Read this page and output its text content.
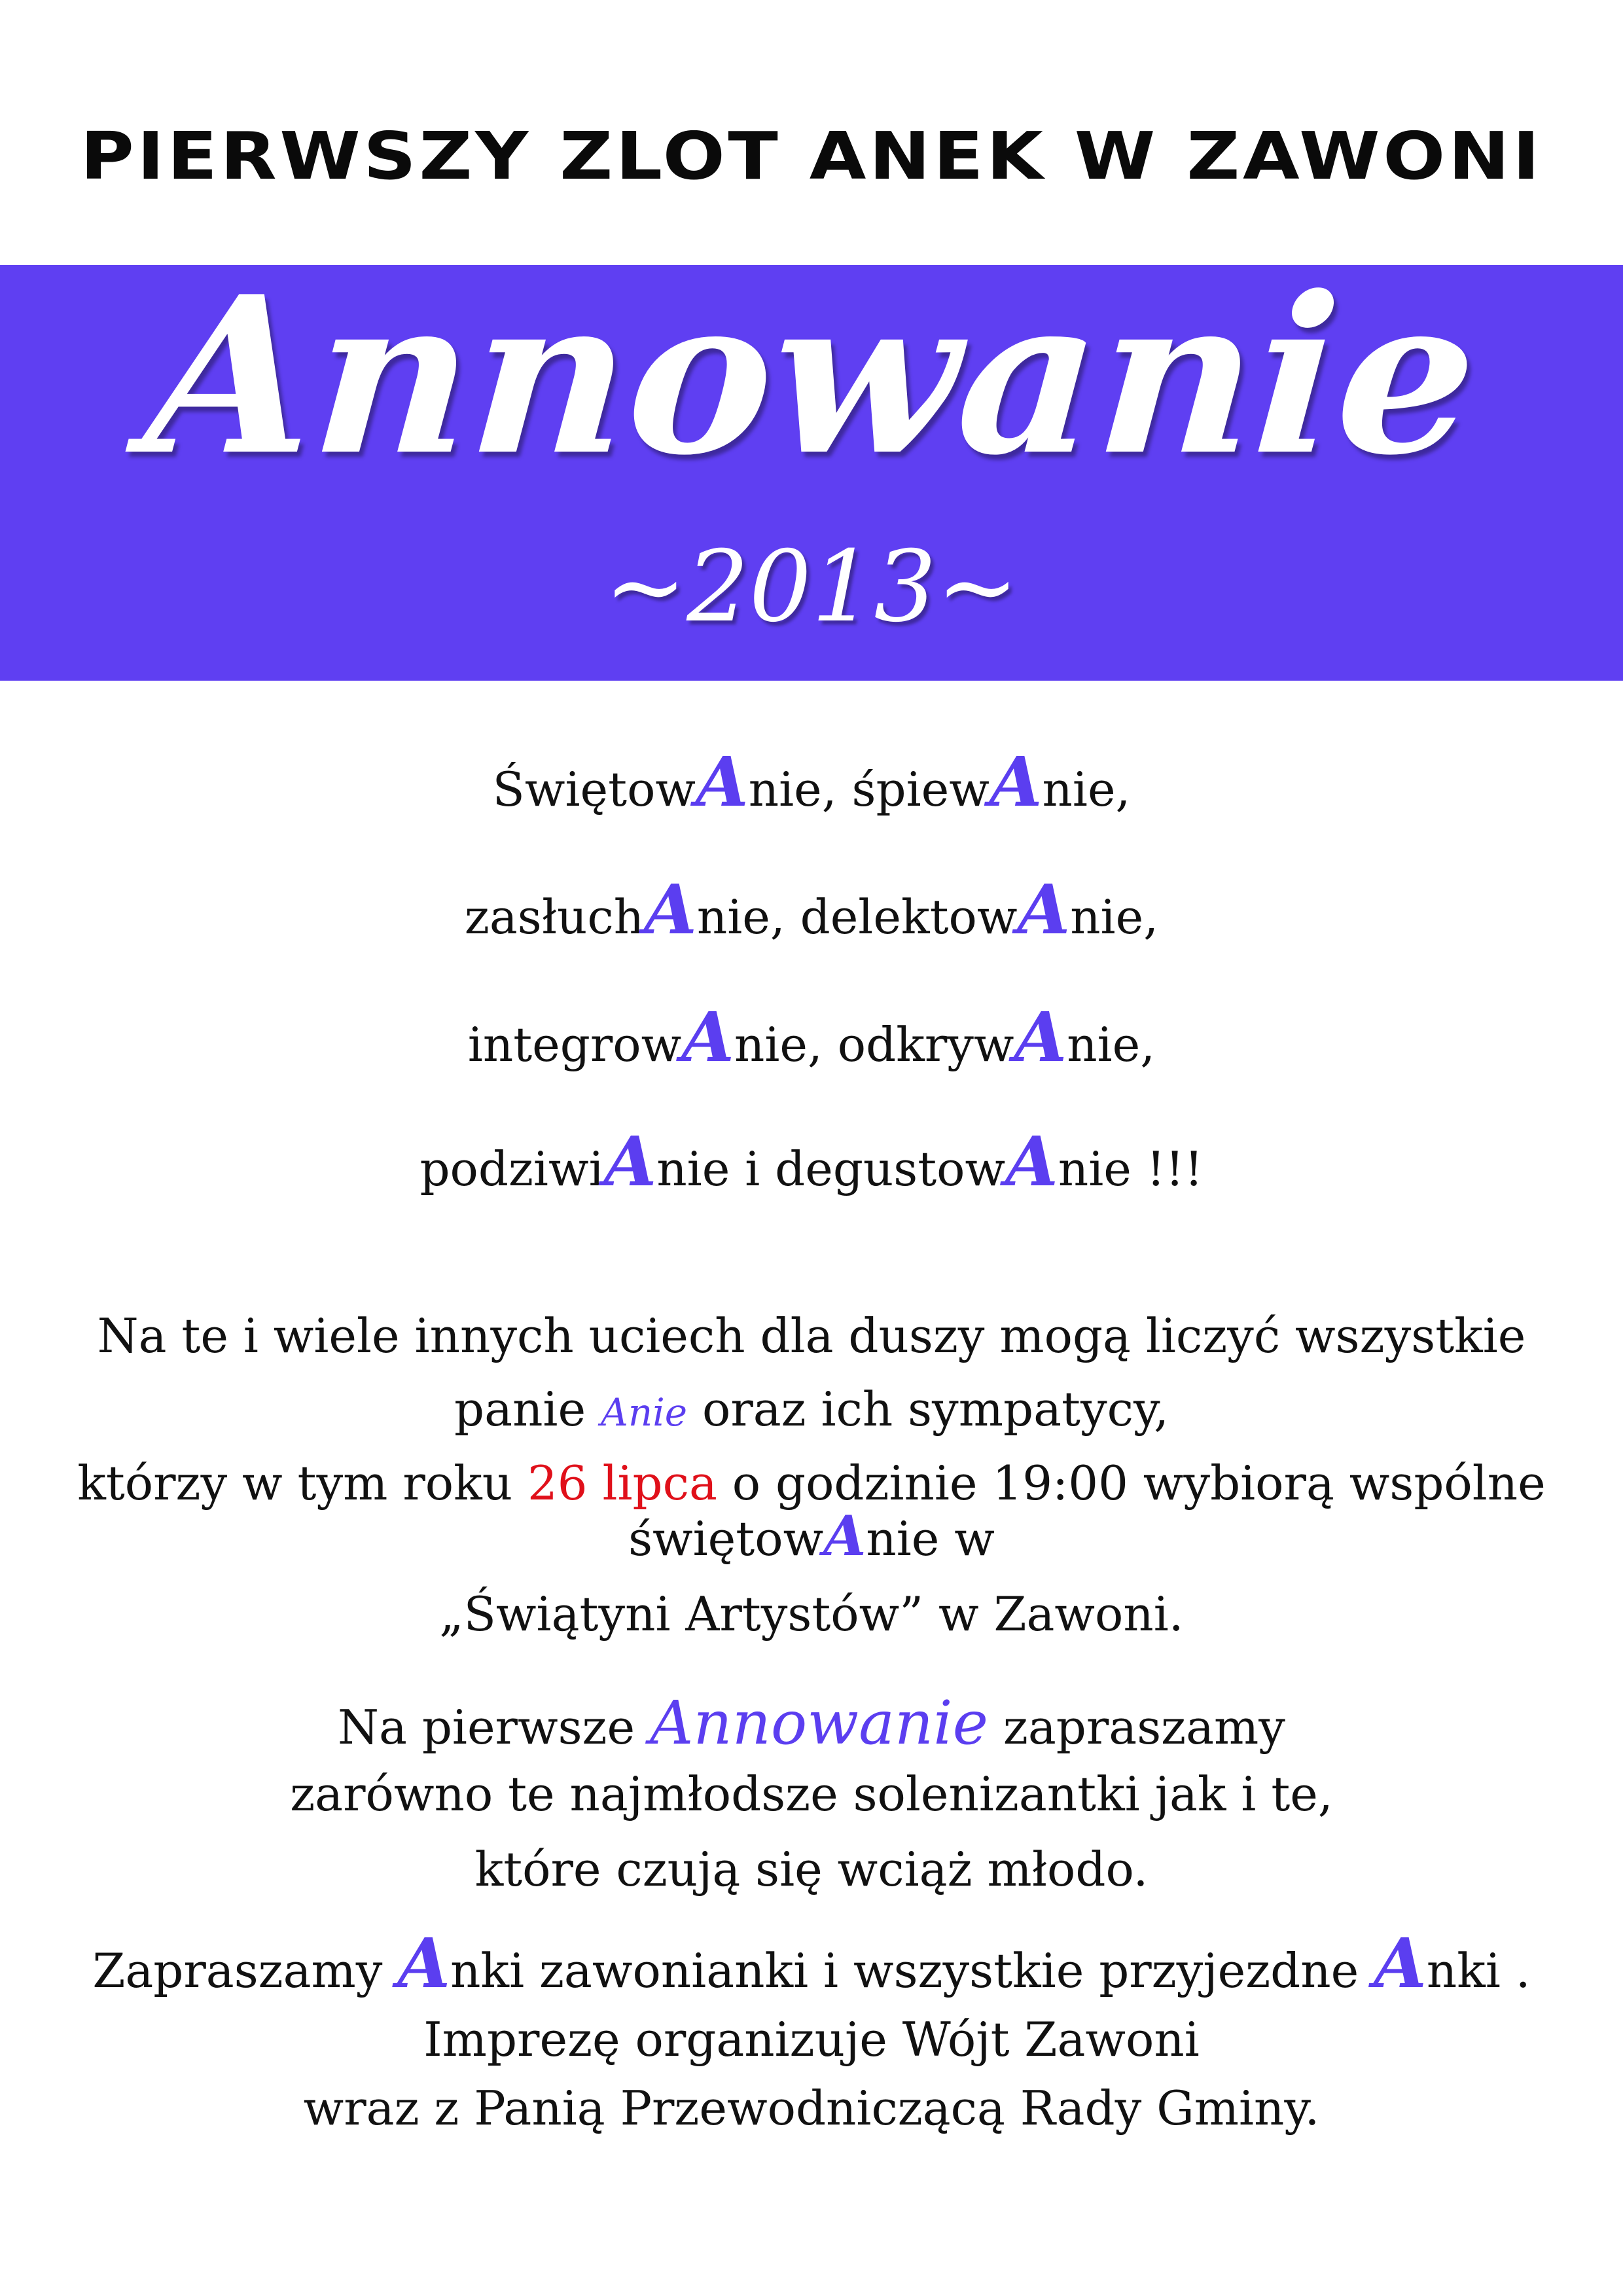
PIERWSZY ZLOT ANEK W ZAWONI
Annowanie
~2013~
ŚwiętowAnie, śpiewAnie,
zasłuchAnie, delektowAnie,
integrowAnie, odkrywAnie,
podziwiAnie i degustowAnie !!!
Na te i wiele innych uciech dla duszy mogą liczyć wszystkie
panie Anie oraz ich sympatycy,
którzy w tym roku 26 lipca o godzinie 19:00 wybiorą wspólne
świętowAnie w
„Świątyni Artystów” w Zawoni.
Na pierwsze Annowanie zapraszamy
zarówno te najmłodsze solenizantki jak i te,
które czują się wciąż młodo.
Zapraszamy Anki zawonianki i wszystkie przyjezdne Anki .
Imprezę organizuje Wójt Zawoni
wraz z Panią Przewodniczącą Rady Gminy.
